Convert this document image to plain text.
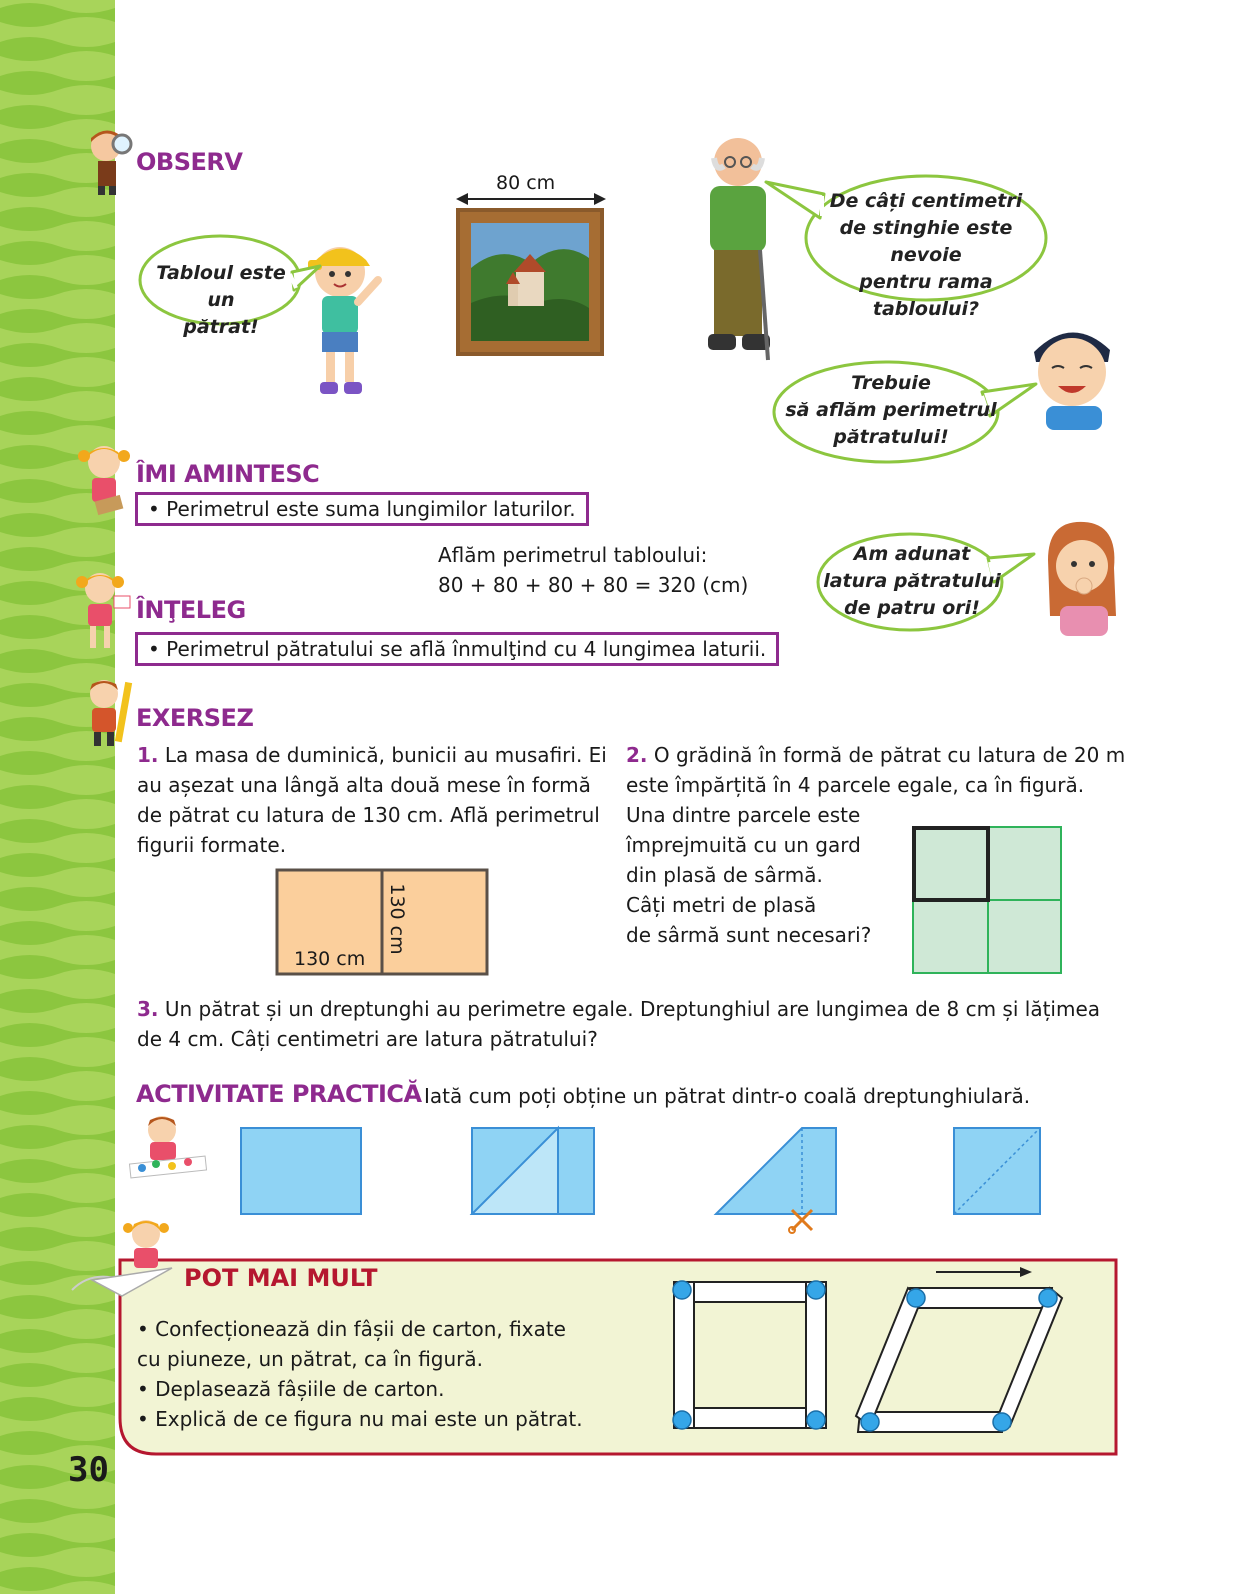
30
OBSERV
80 cm
Tabloul este un
pătrat!
De câți centimetri
de stinghie este nevoie
pentru rama
tabloului?
Trebuie
să aflăm perimetrul
pătratului!
ÎMI AMINTESC
• Perimetrul este suma lungimilor laturilor.
Aflăm perimetrul tabloului:
80 + 80 + 80 + 80 = 320 (cm)
Am adunat
latura pătratului
de patru ori!
ÎNŢELEG
• Perimetrul pătratului se află înmulţind cu 4 lungimea laturii.
EXERSEZ
1. La masa de duminică, bunicii au musafiri. Ei
au așezat una lângă alta două mese în formă
de pătrat cu latura de 130 cm. Află perimetrul
figurii formate.
130 cm
130 cm
2. O grădină în formă de pătrat cu latura de 20 m
este împărțită în 4 parcele egale, ca în figură.
Una dintre parcele este
împrejmuită cu un gard
din plasă de sârmă.
Câți metri de plasă
de sârmă sunt necesari?
3. Un pătrat și un dreptunghi au perimetre egale. Dreptunghiul are lungimea de 8 cm și lățimea
de 4 cm. Câți centimetri are latura pătratului?
ACTIVITATE PRACTICĂ Iată cum poți obține un pătrat dintr-o coală dreptunghiulară.
POT MAI MULT
• Confecționează din fâșii de carton, fixate
cu piuneze, un pătrat, ca în figură.
• Deplasează fâșiile de carton.
• Explică de ce figura nu mai este un pătrat.
